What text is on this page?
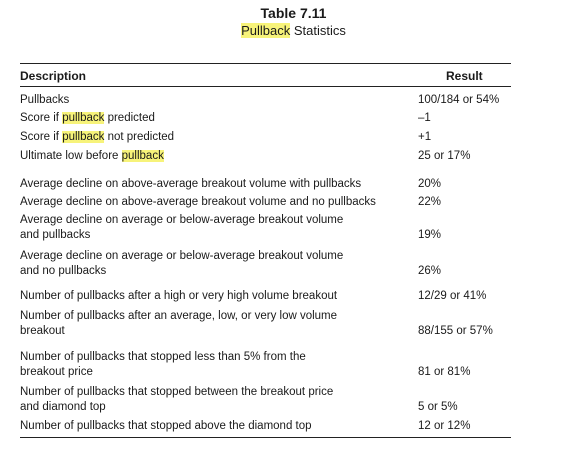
Table 7.11
Pullback Statistics
Description	Result
Pullbacks	100/184 or 54%
Score if pullback predicted	–1
Score if pullback not predicted	+1
Ultimate low before pullback	25 or 17%
Average decline on above-average breakout volume with pullbacks	20%
Average decline on above-average breakout volume and no pullbacks	22%
Average decline on average or below-average breakout volume
and pullbacks	19%
Average decline on average or below-average breakout volume
and no pullbacks	26%
Number of pullbacks after a high or very high volume breakout	12/29 or 41%
Number of pullbacks after an average, low, or very low volume
breakout	88/155 or 57%
Number of pullbacks that stopped less than 5% from the
breakout price	81 or 81%
Number of pullbacks that stopped between the breakout price
and diamond top	5 or 5%
Number of pullbacks that stopped above the diamond top	12 or 12%
